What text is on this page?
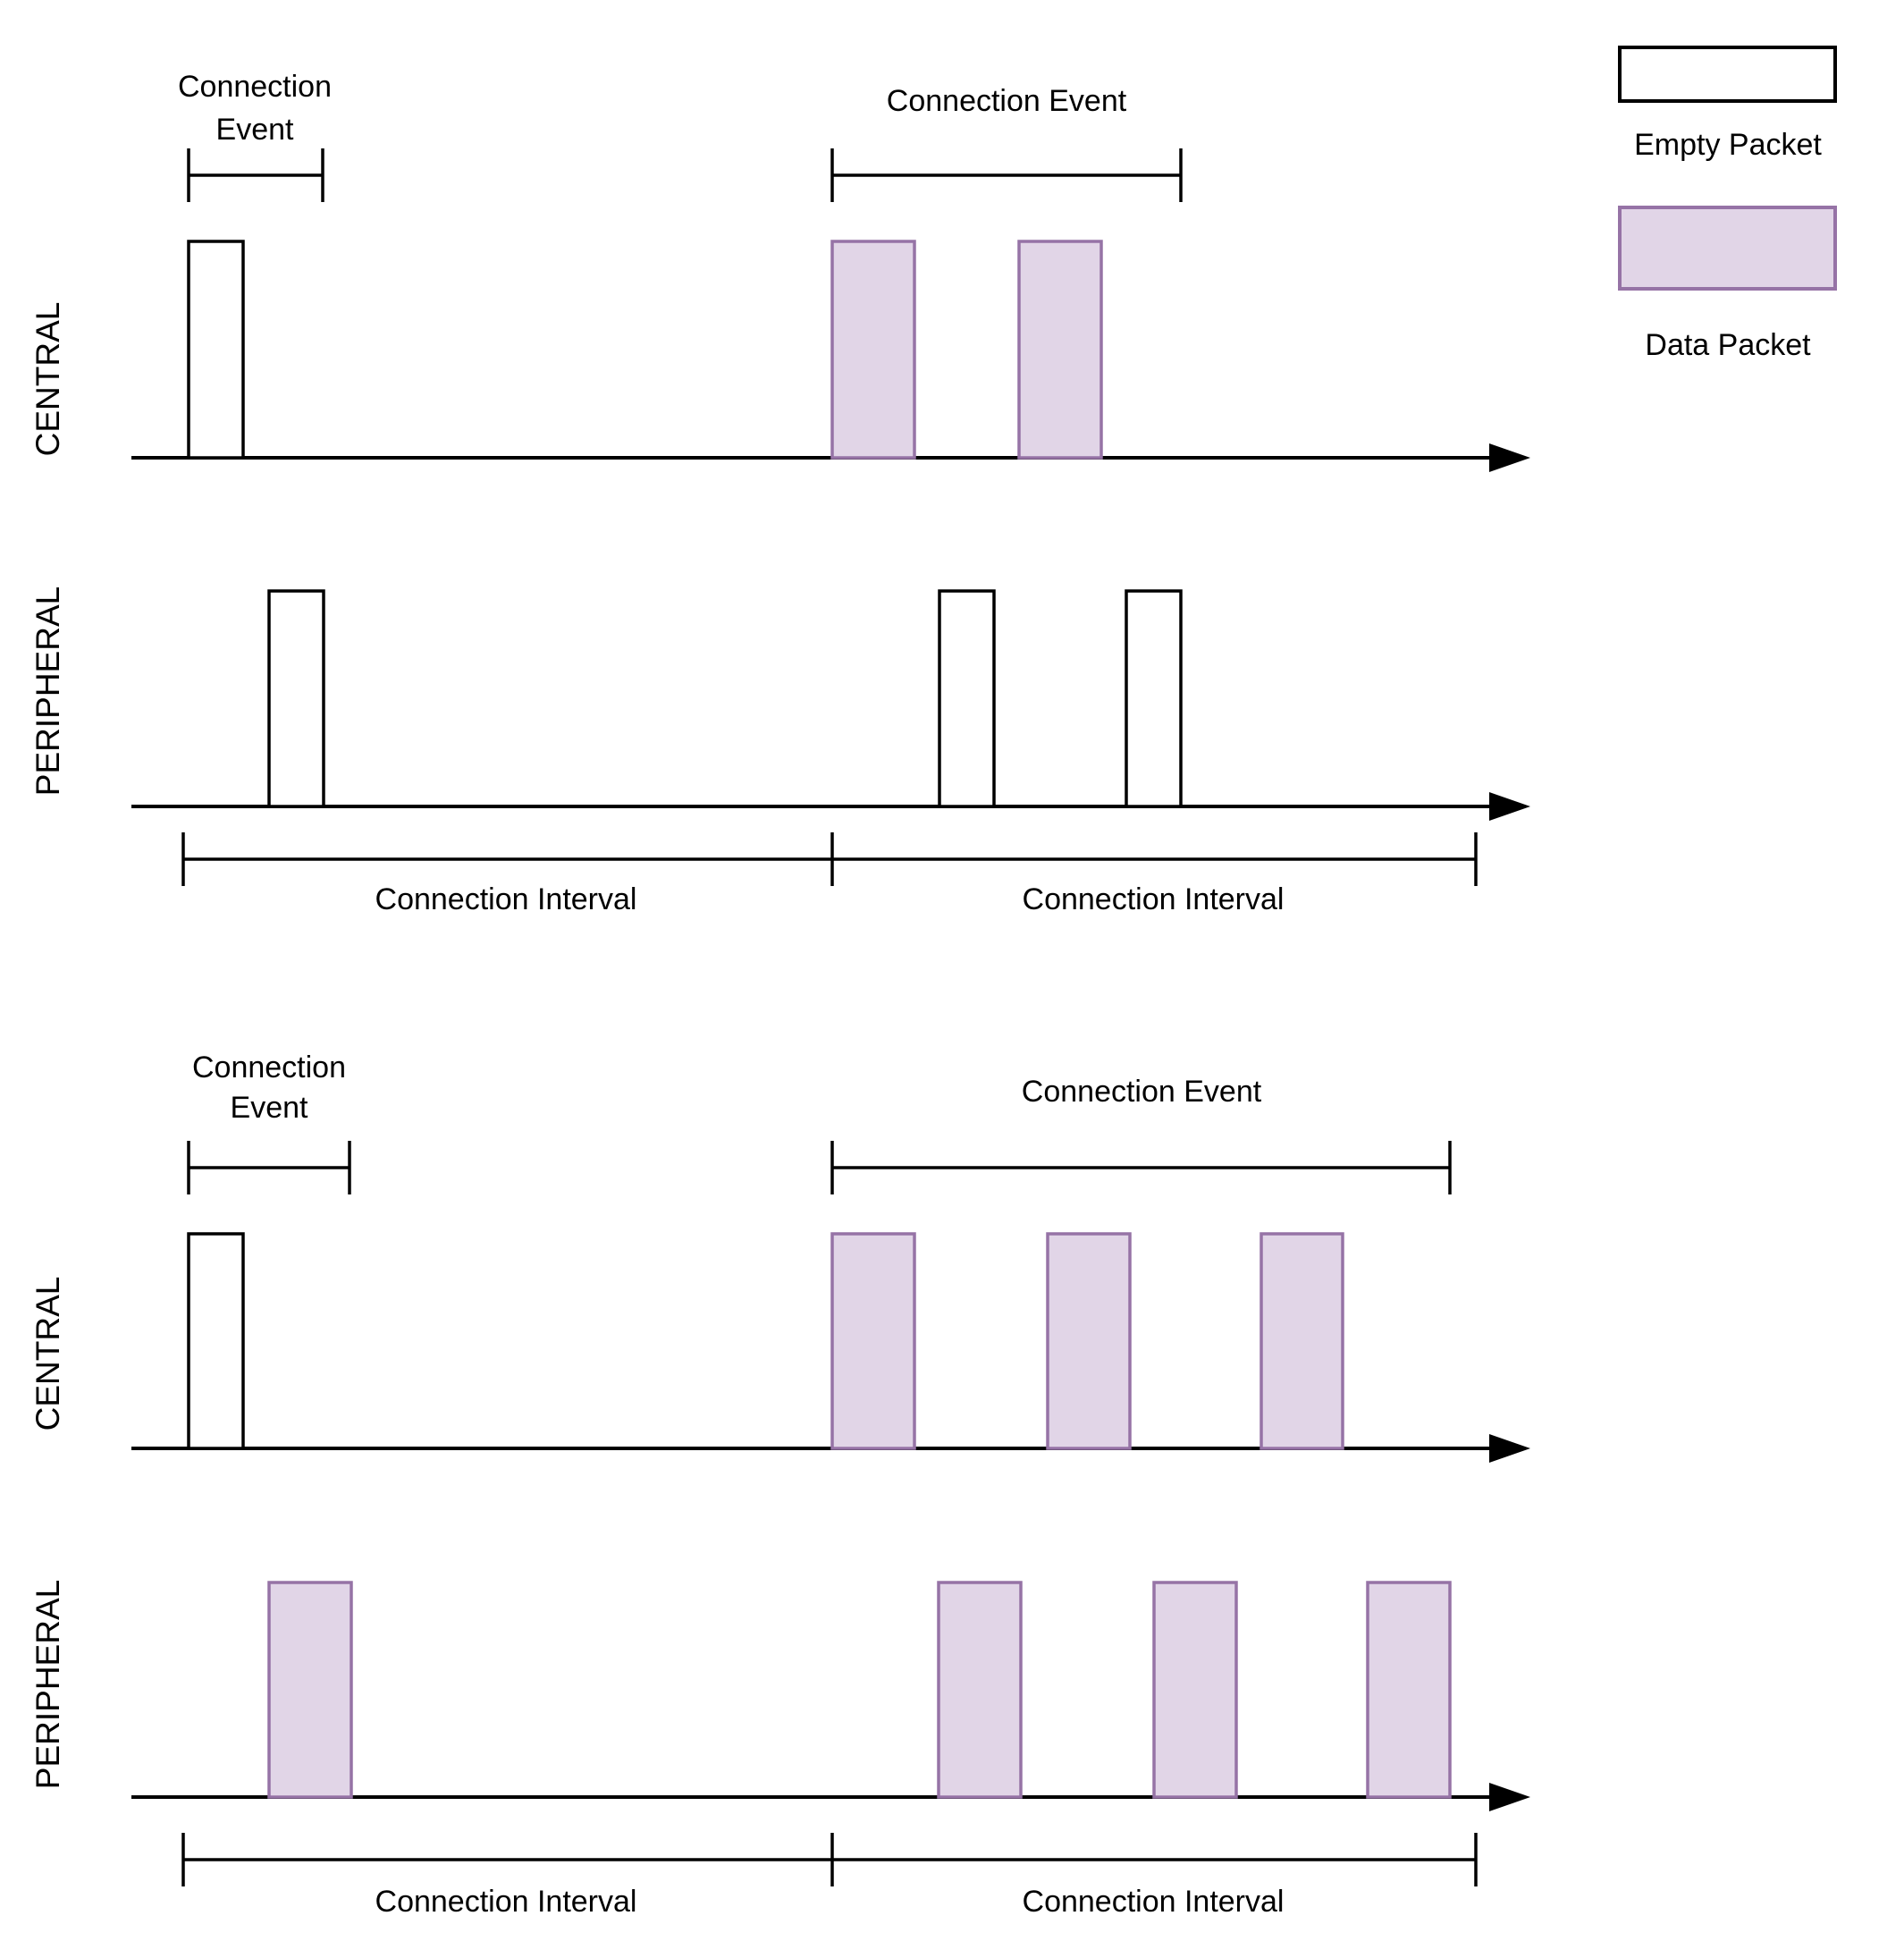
Connection
Event
Connection Event
CENTRAL
PERIPHERAL
Connection Interval	Connection Interval
Connection
Event	Connection Event
CENTRAL
PERIPHERAL
Connection Interval	Connection Interval
Empty Packet
Data Packet
